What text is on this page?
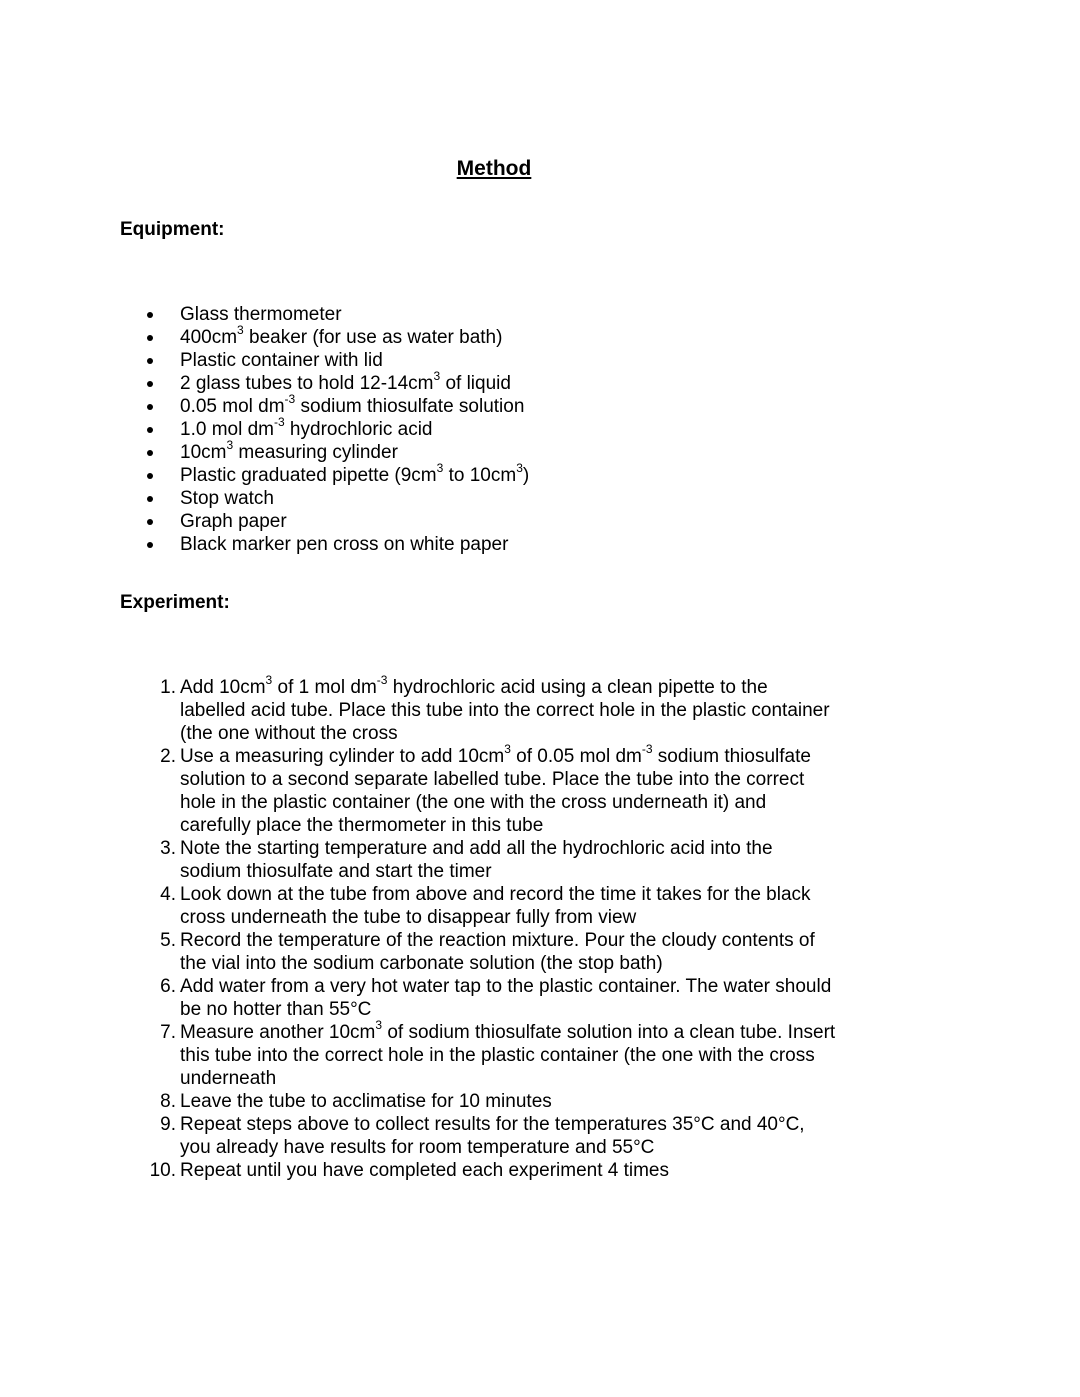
Method
Equipment:
Glass thermometer
$400cm^3$ beaker (for use as water bath)
Plastic container with lid
2 glass tubes to hold $12-14cm^3$ of liquid
0.05 mol $dm^{-3}$ sodium thiosulfate solution
1.0 mol $dm^{-3}$ hydrochloric acid
$10cm^3$ measuring cylinder
Plastic graduated pipette ($9cm^3$ to $10cm^3$)
Stop watch
Graph paper
Black marker pen cross on white paper
Experiment:
1. Add $10cm^3$ of 1 mol $dm^{-3}$ hydrochloric acid using a clean pipette to the
labelled acid tube. Place this tube into the correct hole in the plastic container
(the one without the cross
2. Use a measuring cylinder to add $10cm^3$ of 0.05 mol $dm^{-3}$ sodium thiosulfate
solution to a second separate labelled tube. Place the tube into the correct
hole in the plastic container (the one with the cross underneath it) and
carefully place the thermometer in this tube
3. Note the starting temperature and add all the hydrochloric acid into the
sodium thiosulfate and start the timer
4. Look down at the tube from above and record the time it takes for the black
cross underneath the tube to disappear fully from view
5. Record the temperature of the reaction mixture. Pour the cloudy contents of
the vial into the sodium carbonate solution (the stop bath)
6. Add water from a very hot water tap to the plastic container. The water should
be no hotter than 55°C
7. Measure another $10cm^3$ of sodium thiosulfate solution into a clean tube. Insert
this tube into the correct hole in the plastic container (the one with the cross
underneath
8. Leave the tube to acclimatise for 10 minutes
9. Repeat steps above to collect results for the temperatures 35°C and 40°C,
you already have results for room temperature and 55°C
10. Repeat until you have completed each experiment 4 times
